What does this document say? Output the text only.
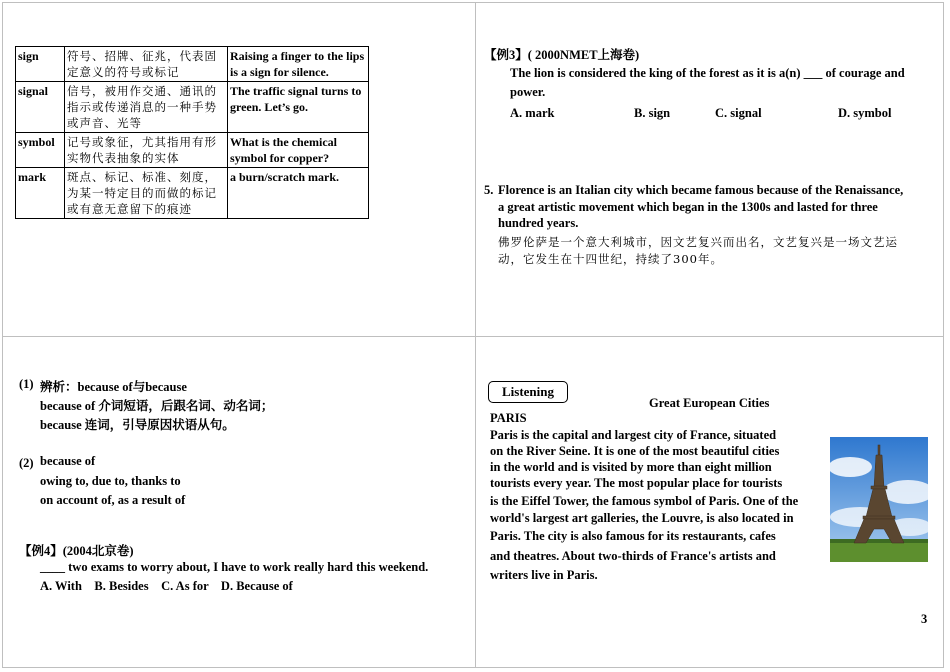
sign	符号、招牌、征兆，代表固定意义的符号或标记	Raising a finger to the lips is a sign for silence.
signal	信号，被用作交通、通讯的指示或传递消息的一种手势或声音、光等	The traffic signal turns to green. Let’s go.
symbol	记号或象征，尤其指用有形实物代表抽象的实体	What is the chemical symbol for copper?
mark	斑点、标记、标准、刻度，为某一特定目的而做的标记或有意无意留下的痕迹	a burn/scratch mark.
【例3】( 2000NMET上海卷)
The lion is considered the king of the forest as it is a(n) ___ of courage and
power.
A. mark	B. sign	C. signal	D. symbol
5. Florence is an Italian city which became famous because of the Renaissance,
a great artistic movement which began in the 1300s and lasted for three
hundred years.
佛罗伦萨是一个意大利城市，因文艺复兴而出名，文艺复兴是一场文艺运
动，它发生在十四世纪，持续了300年。
(1) 辨析：because of与because
because of 介词短语，后跟名词、动名词；
because 连词，引导原因状语从句。
(2) because of
owing to, due to, thanks to
on account of, as a result of
【例4】(2004北京卷)
____ two exams to worry about, I have to work really hard this weekend.
A. With    B. Besides    C. As for    D. Because of
Listening
Great European Cities
PARIS
Paris is the capital and largest city of France, situated
on the River Seine. It is one of the most beautiful cities
in the world and is visited by more than eight million
tourists every year. The most popular place for tourists
is the Eiffel Tower, the famous symbol of Paris. One of the
world's largest art galleries, the Louvre, is also located in
Paris. The city is also famous for its restaurants, cafes
and theatres. About two-thirds of France's artists and
writers live in Paris.
3
